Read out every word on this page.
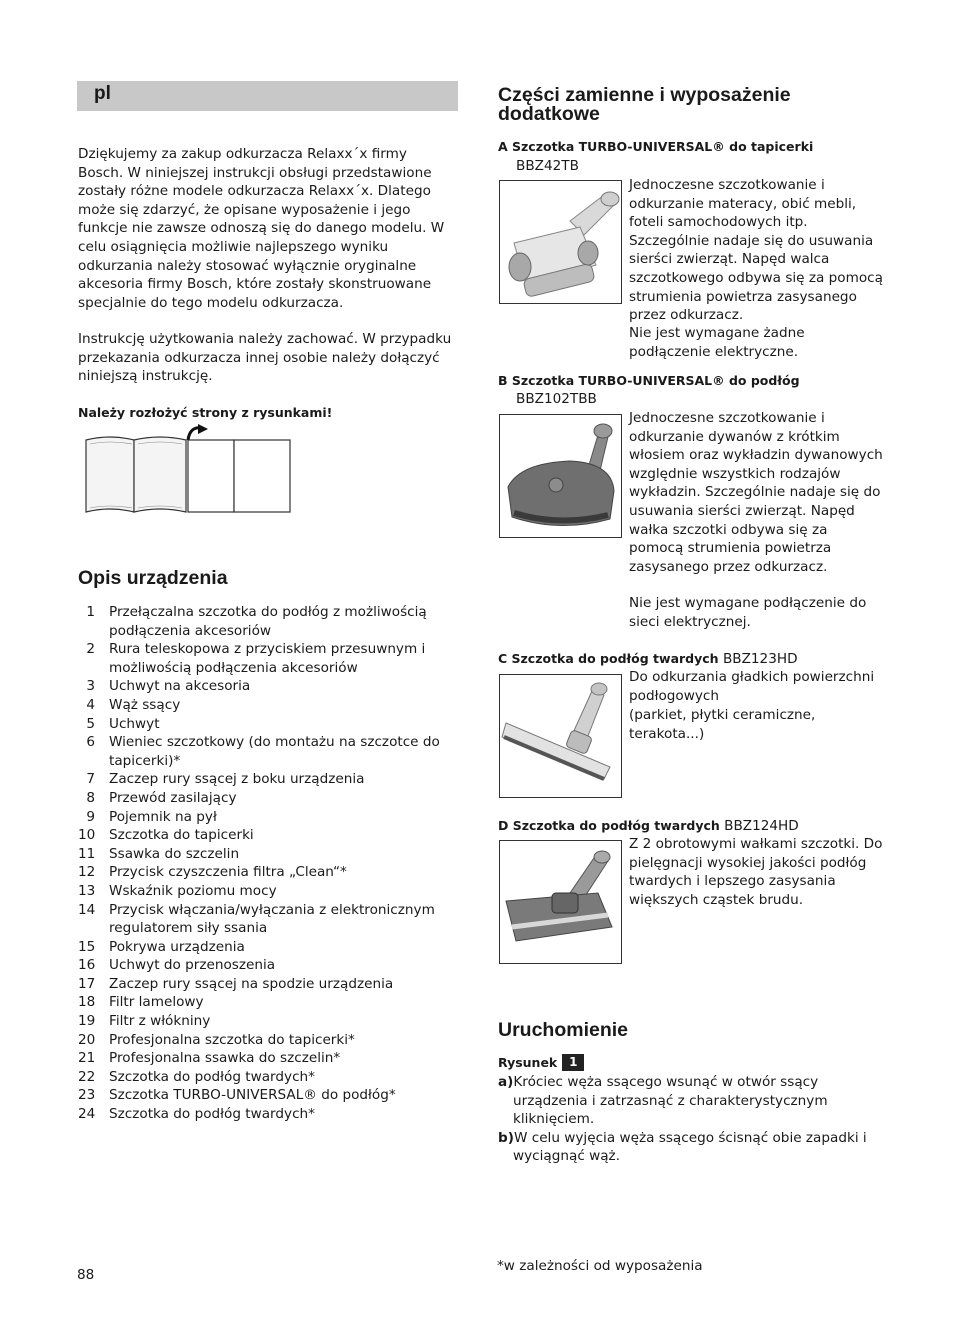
pl
Dziękujemy za zakup odkurzacza Relaxx´x firmy Bosch. W niniejszej instrukcji obsługi przedstawione zostały różne modele odkurzacza Relaxx´x. Dlatego może się zdarzyć, że opisane wyposażenie i jego funkcje nie zawsze odnoszą się do danego modelu. W celu osiągnięcia możliwie najlepszego wyniku odkurzania należy stosować wyłącznie oryginalne akcesoria firmy Bosch, które zostały skonstruowane specjalnie do tego modelu odkurzacza.
Instrukcję użytkowania należy zachować. W przypadku przekazania odkurzacza innej osobie należy dołączyć niniejszą instrukcję.
Należy rozłożyć strony z rysunkami!
Opis urządzenia
1 Przełączalna szczotka do podłóg z możliwością podłączenia akcesoriów
2 Rura teleskopowa z przyciskiem przesuwnym i możliwością podłączenia akcesoriów
3 Uchwyt na akcesoria
4 Wąż ssący
5 Uchwyt
6 Wieniec szczotkowy (do montażu na szczotce do tapicerki)*
7 Zaczep rury ssącej z boku urządzenia
8 Przewód zasilający
9 Pojemnik na pył
10 Szczotka do tapicerki
11 Ssawka do szczelin
12 Przycisk czyszczenia filtra „Clean“*
13 Wskaźnik poziomu mocy
14 Przycisk włączania/wyłączania z elektronicznym regulatorem siły ssania
15 Pokrywa urządzenia
16 Uchwyt do przenoszenia
17 Zaczep rury ssącej na spodzie urządzenia
18 Filtr lamelowy
19 Filtr z włókniny
20 Profesjonalna szczotka do tapicerki*
21 Profesjonalna ssawka do szczelin*
22 Szczotka do podłóg twardych*
23 Szczotka TURBO-UNIVERSAL® do podłóg*
24 Szczotka do podłóg twardych*
Części zamienne i wyposażenie dodatkowe
A Szczotka TURBO-UNIVERSAL® do tapicerki
BBZ42TB
Jednoczesne szczotkowanie i odkurzanie materacy, obić mebli, foteli samochodowych itp. Szczególnie nadaje się do usuwania sierści zwierząt. Napęd walca szczotkowego odbywa się za pomocą strumienia powietrza zasysanego przez odkurzacz.
Nie jest wymagane żadne podłączenie elektryczne.
B Szczotka TURBO-UNIVERSAL® do podłóg
BBZ102TBB
Jednoczesne szczotkowanie i odkurzanie dywanów z krótkim włosiem oraz wykładzin dywanowych względnie wszystkich rodzajów wykładzin. Szczególnie nadaje się do usuwania sierści zwierząt. Napęd wałka szczotki odbywa się za pomocą strumienia powietrza zasysanego przez odkurzacz.
Nie jest wymagane podłączenie do sieci elektrycznej.
C Szczotka do podłóg twardych BBZ123HD
Do odkurzania gładkich powierzchni podłogowych
(parkiet, płytki ceramiczne, terakota...)
D Szczotka do podłóg twardych BBZ124HD
Z 2 obrotowymi wałkami szczotki. Do pielęgnacji wysokiej jakości podłóg twardych i lepszego zasysania większych cząstek brudu.
Uruchomienie
Rysunek 1
a)Króciec węża ssącego wsunąć w otwór ssący urządzenia i zatrzasnąć z charakterystycznym kliknięciem.
b)W celu wyjęcia węża ssącego ścisnąć obie zapadki i wyciągnąć wąż.
*w zależności od wyposażenia
88
